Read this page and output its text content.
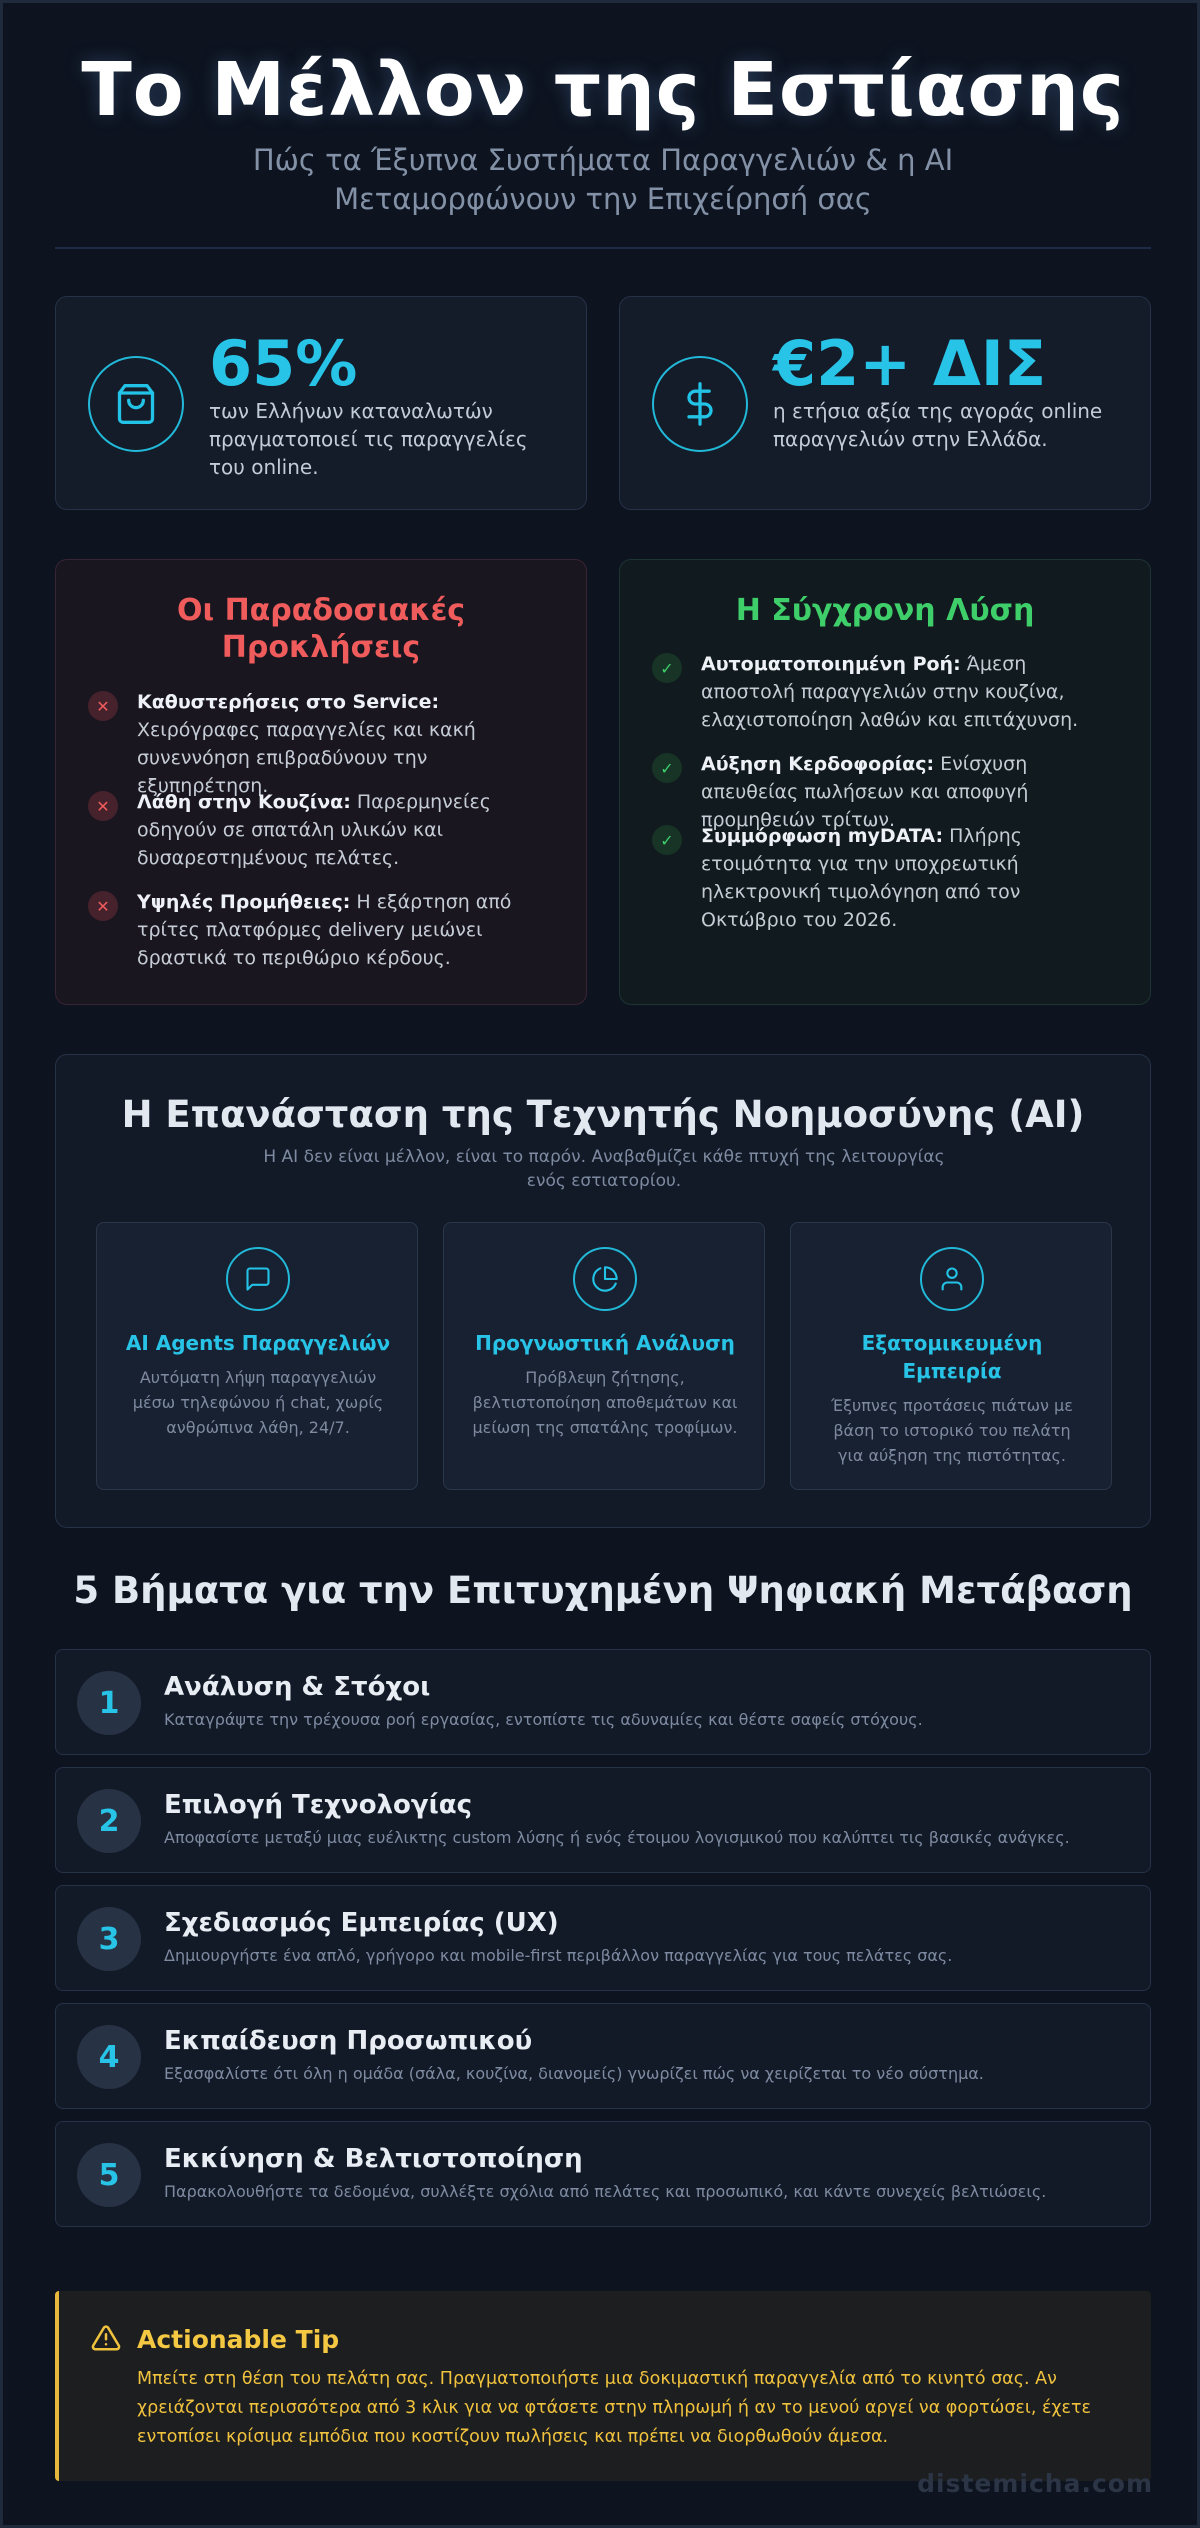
Το Μέλλον της Εστίασης
Πώς τα Έξυπνα Συστήματα Παραγγελιών & η AI Μεταμορφώνουν την Επιχείρησή σας
65%
των Ελλήνων καταναλωτών πραγματοποιεί τις παραγγελίες του online.
€2+ ΔΙΣ
η ετήσια αξία της αγοράς online παραγγελιών στην Ελλάδα.
Οι Παραδοσιακές Προκλήσεις
✕	Καθυστερήσεις στο Service: Χειρόγραφες παραγγελίες και κακή συνεννόηση επιβραδύνουν την εξυπηρέτηση.
✕	Λάθη στην Κουζίνα: Παρερμηνείες οδηγούν σε σπατάλη υλικών και δυσαρεστημένους πελάτες.
✕	Υψηλές Προμήθειες: Η εξάρτηση από τρίτες πλατφόρμες delivery μειώνει δραστικά το περιθώριο κέρδους.
Η Σύγχρονη Λύση
✓	Αυτοματοποιημένη Ροή: Άμεση αποστολή παραγγελιών στην κουζίνα, ελαχιστοποίηση λαθών και επιτάχυνση.
✓	Αύξηση Κερδοφορίας: Ενίσχυση απευθείας πωλήσεων και αποφυγή προμηθειών τρίτων.
✓	Συμμόρφωση myDATA: Πλήρης ετοιμότητα για την υποχρεωτική ηλεκτρονική τιμολόγηση από τον Οκτώβριο του 2026.
Η Επανάσταση της Τεχνητής Νοημοσύνης (AI)
Η AI δεν είναι μέλλον, είναι το παρόν. Αναβαθμίζει κάθε πτυχή της λειτουργίας ενός εστιατορίου.
AI Agents Παραγγελιών

Αυτόματη λήψη παραγγελιών μέσω τηλεφώνου ή chat, χωρίς ανθρώπινα λάθη, 24/7.

Προγνωστική Ανάλυση

Πρόβλεψη ζήτησης, βελτιστοποίηση αποθεμάτων και μείωση της σπατάλης τροφίμων.

Εξατομικευμένη Εμπειρία

Έξυπνες προτάσεις πιάτων με βάση το ιστορικό του πελάτη για αύξηση της πιστότητας.

5 Βήματα για την Επιτυχημένη Ψηφιακή Μετάβαση
1	Ανάλυση & Στόχοι
Καταγράψτε την τρέχουσα ροή εργασίας, εντοπίστε τις αδυναμίες και θέστε σαφείς στόχους.
2	Επιλογή Τεχνολογίας
Αποφασίστε μεταξύ μιας ευέλικτης custom λύσης ή ενός έτοιμου λογισμικού που καλύπτει τις βασικές ανάγκες.
3	Σχεδιασμός Εμπειρίας (UX)
Δημιουργήστε ένα απλό, γρήγορο και mobile-first περιβάλλον παραγγελίας για τους πελάτες σας.
4	Εκπαίδευση Προσωπικού
Εξασφαλίστε ότι όλη η ομάδα (σάλα, κουζίνα, διανομείς) γνωρίζει πώς να χειρίζεται το νέο σύστημα.
5	Εκκίνηση & Βελτιστοποίηση
Παρακολουθήστε τα δεδομένα, συλλέξτε σχόλια από πελάτες και προσωπικό, και κάντε συνεχείς βελτιώσεις.
Actionable Tip

Μπείτε στη θέση του πελάτη σας. Πραγματοποιήστε μια δοκιμαστική παραγγελία από το κινητό σας. Αν χρειάζονται περισσότερα από 3 κλικ για να φτάσετε στην πληρωμή ή αν το μενού αργεί να φορτώσει, έχετε εντοπίσει κρίσιμα εμπόδια που κοστίζουν πωλήσεις και πρέπει να διορθωθούν άμεσα.

distemicha.com
